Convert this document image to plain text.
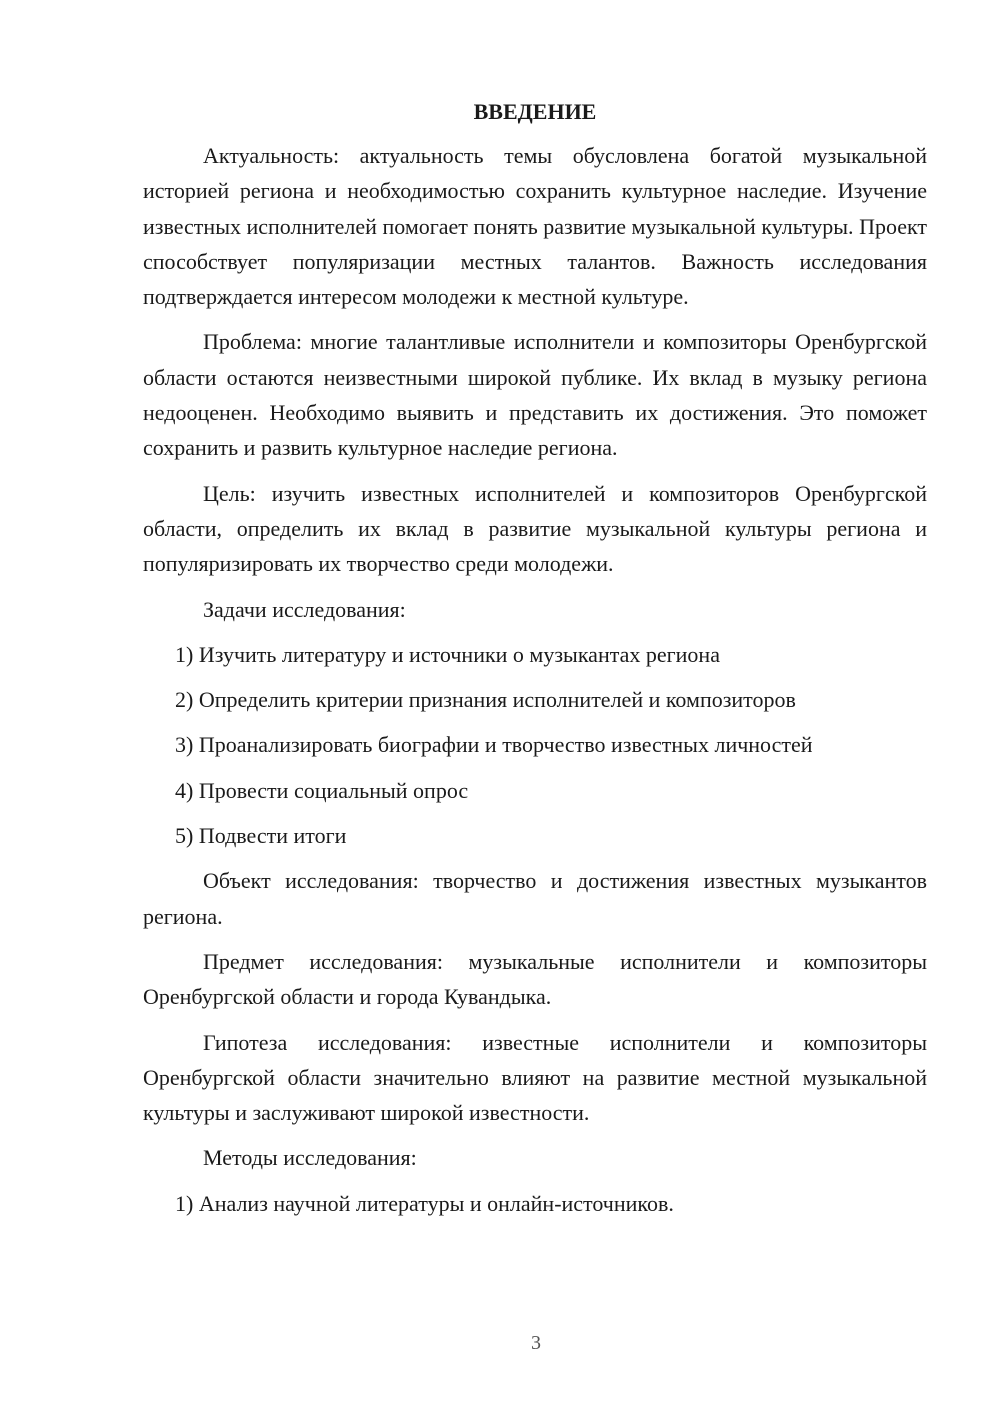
ВВЕДЕНИЕ
Актуальность: актуальность темы обусловлена богатой музыкальной историей региона и необходимостью сохранить культурное наследие. Изучение известных исполнителей помогает понять развитие музыкальной культуры. Проект способствует популяризации местных талантов. Важность исследования подтверждается интересом молодежи к местной культуре.
Проблема: многие талантливые исполнители и композиторы Оренбургской области остаются неизвестными широкой публике. Их вклад в музыку региона недооценен. Необходимо выявить и представить их достижения. Это поможет сохранить и развить культурное наследие региона.
Цель: изучить известных исполнителей и композиторов Оренбургской области, определить их вклад в развитие музыкальной культуры региона и популяризировать их творчество среди молодежи.
Задачи исследования:
1) Изучить литературу и источники о музыкантах региона
2) Определить критерии признания исполнителей и композиторов
3) Проанализировать биографии и творчество известных личностей
4) Провести социальный опрос
5) Подвести итоги
Объект исследования: творчество и достижения известных музыкантов региона.
Предмет исследования: музыкальные исполнители и композиторы Оренбургской области и города Кувандыка.
Гипотеза исследования: известные исполнители и композиторы Оренбургской области значительно влияют на развитие местной музыкальной культуры и заслуживают широкой известности.
Методы исследования:
1) Анализ научной литературы и онлайн-источников.
3
